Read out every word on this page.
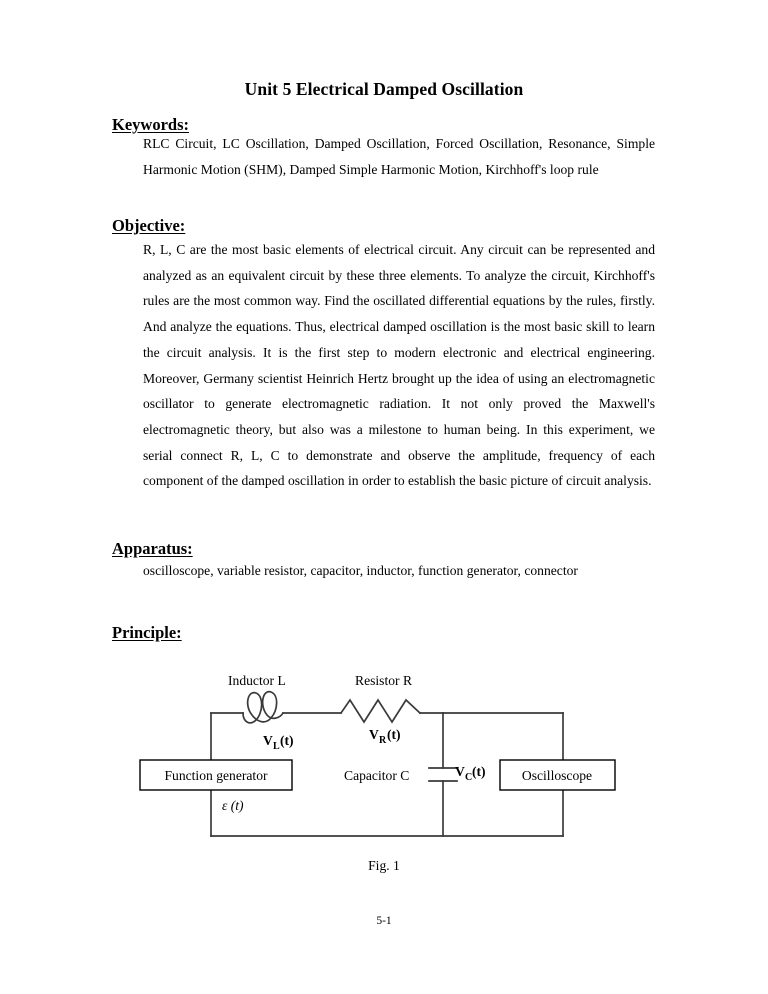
Unit 5 Electrical Damped Oscillation
Keywords:
RLC Circuit, LC Oscillation, Damped Oscillation, Forced Oscillation, Resonance, Simple Harmonic Motion (SHM), Damped Simple Harmonic Motion, Kirchhoff's loop rule
Objective:
R, L, C are the most basic elements of electrical circuit. Any circuit can be represented and analyzed as an equivalent circuit by these three elements. To analyze the circuit, Kirchhoff's rules are the most common way. Find the oscillated differential equations by the rules, firstly. And analyze the equations. Thus, electrical damped oscillation is the most basic skill to learn the circuit analysis. It is the first step to modern electronic and electrical engineering. Moreover, Germany scientist Heinrich Hertz brought up the idea of using an electromagnetic oscillator to generate electromagnetic radiation. It not only proved the Maxwell's electromagnetic theory, but also was a milestone to human being. In this experiment, we serial connect R, L, C to demonstrate and observe the amplitude, frequency of each component of the damped oscillation in order to establish the basic picture of circuit analysis.
Apparatus:
oscilloscope, variable resistor, capacitor, inductor, function generator, connector
Principle:
Inductor L	Resistor R
V L (t)	V R (t)
Capacitor C	V C (t)
Function generator
ε (t)
Oscilloscope
Fig. 1
5-1
